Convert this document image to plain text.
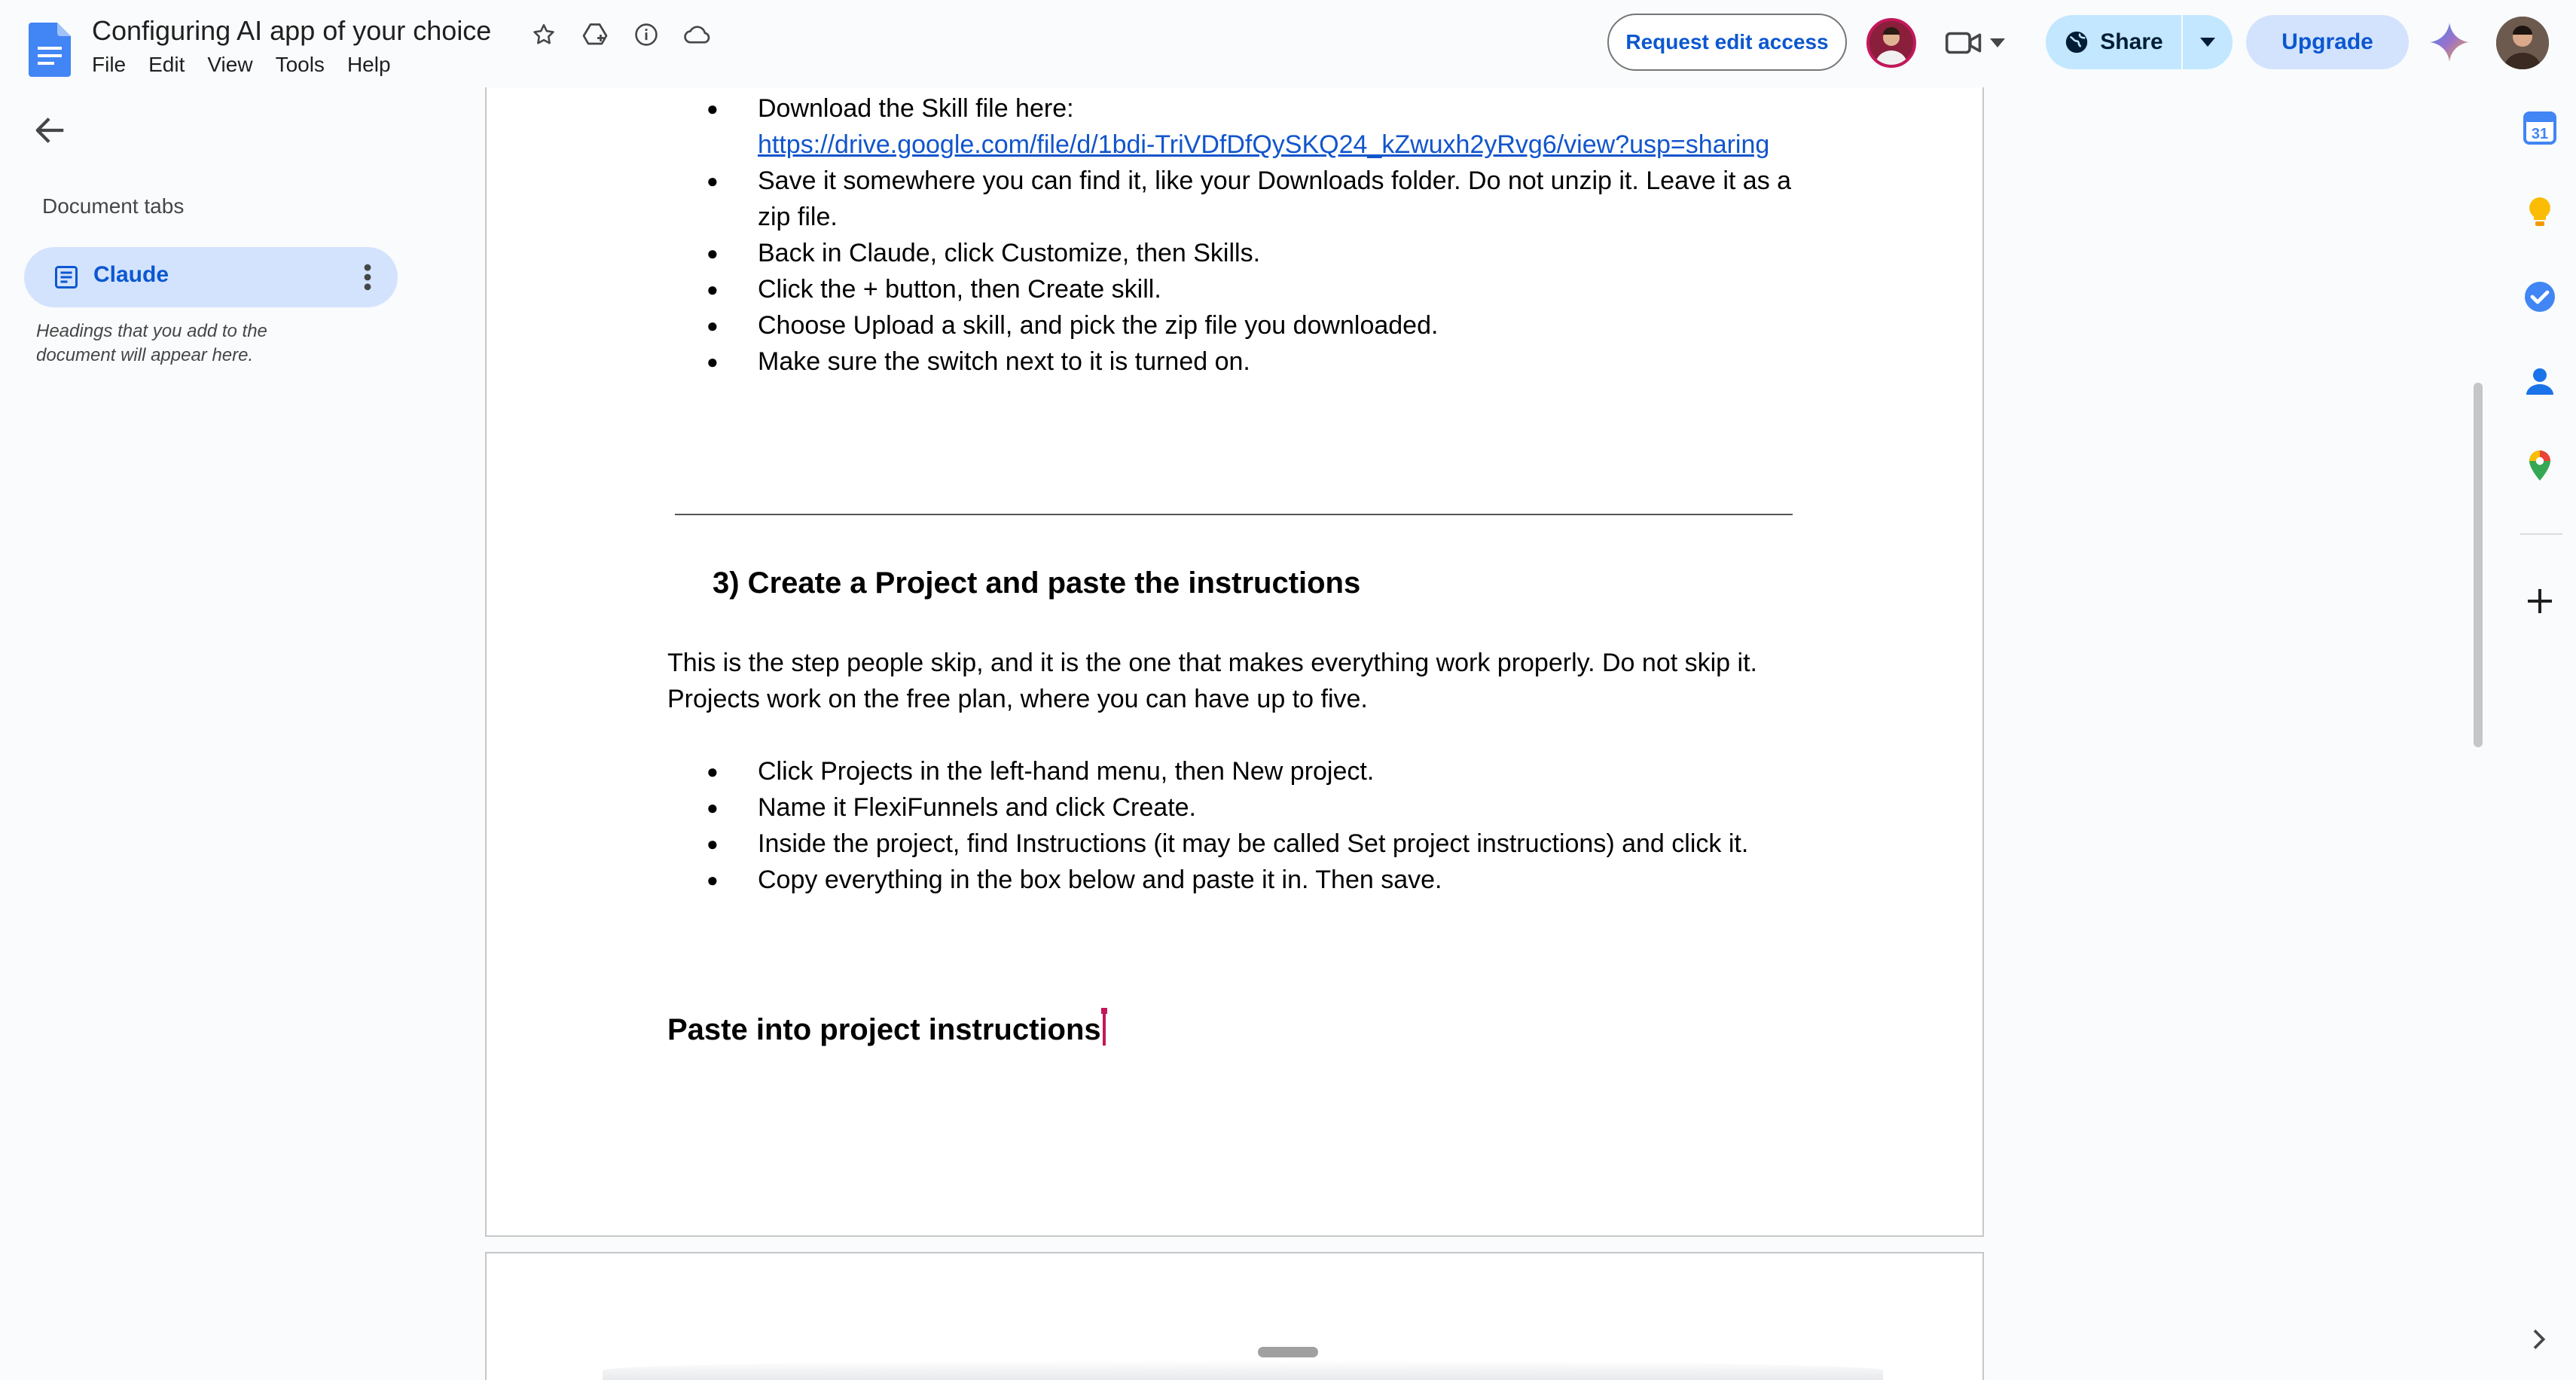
Configuring AI app of your choice
File Edit View Tools Help
Request edit access	Share	Upgrade
Document tabs
Claude
Headings that you add to the document will appear here.
● Download the Skill file here:
https://drive.google.com/file/d/1bdi-TriVDfDfQySKQ24_kZwuxh2yRvg6/view?usp=sharing
● Save it somewhere you can find it, like your Downloads folder. Do not unzip it. Leave it as a zip file.
● Back in Claude, click Customize, then Skills.
● Click the + button, then Create skill.
● Choose Upload a skill, and pick the zip file you downloaded.
● Make sure the switch next to it is turned on.
3) Create a Project and paste the instructions
This is the step people skip, and it is the one that makes everything work properly. Do not skip it. Projects work on the free plan, where you can have up to five.
● Click Projects in the left-hand menu, then New project.
● Name it FlexiFunnels and click Create.
● Inside the project, find Instructions (it may be called Set project instructions) and click it.
● Copy everything in the box below and paste it in. Then save.
Paste into project instructions
31
